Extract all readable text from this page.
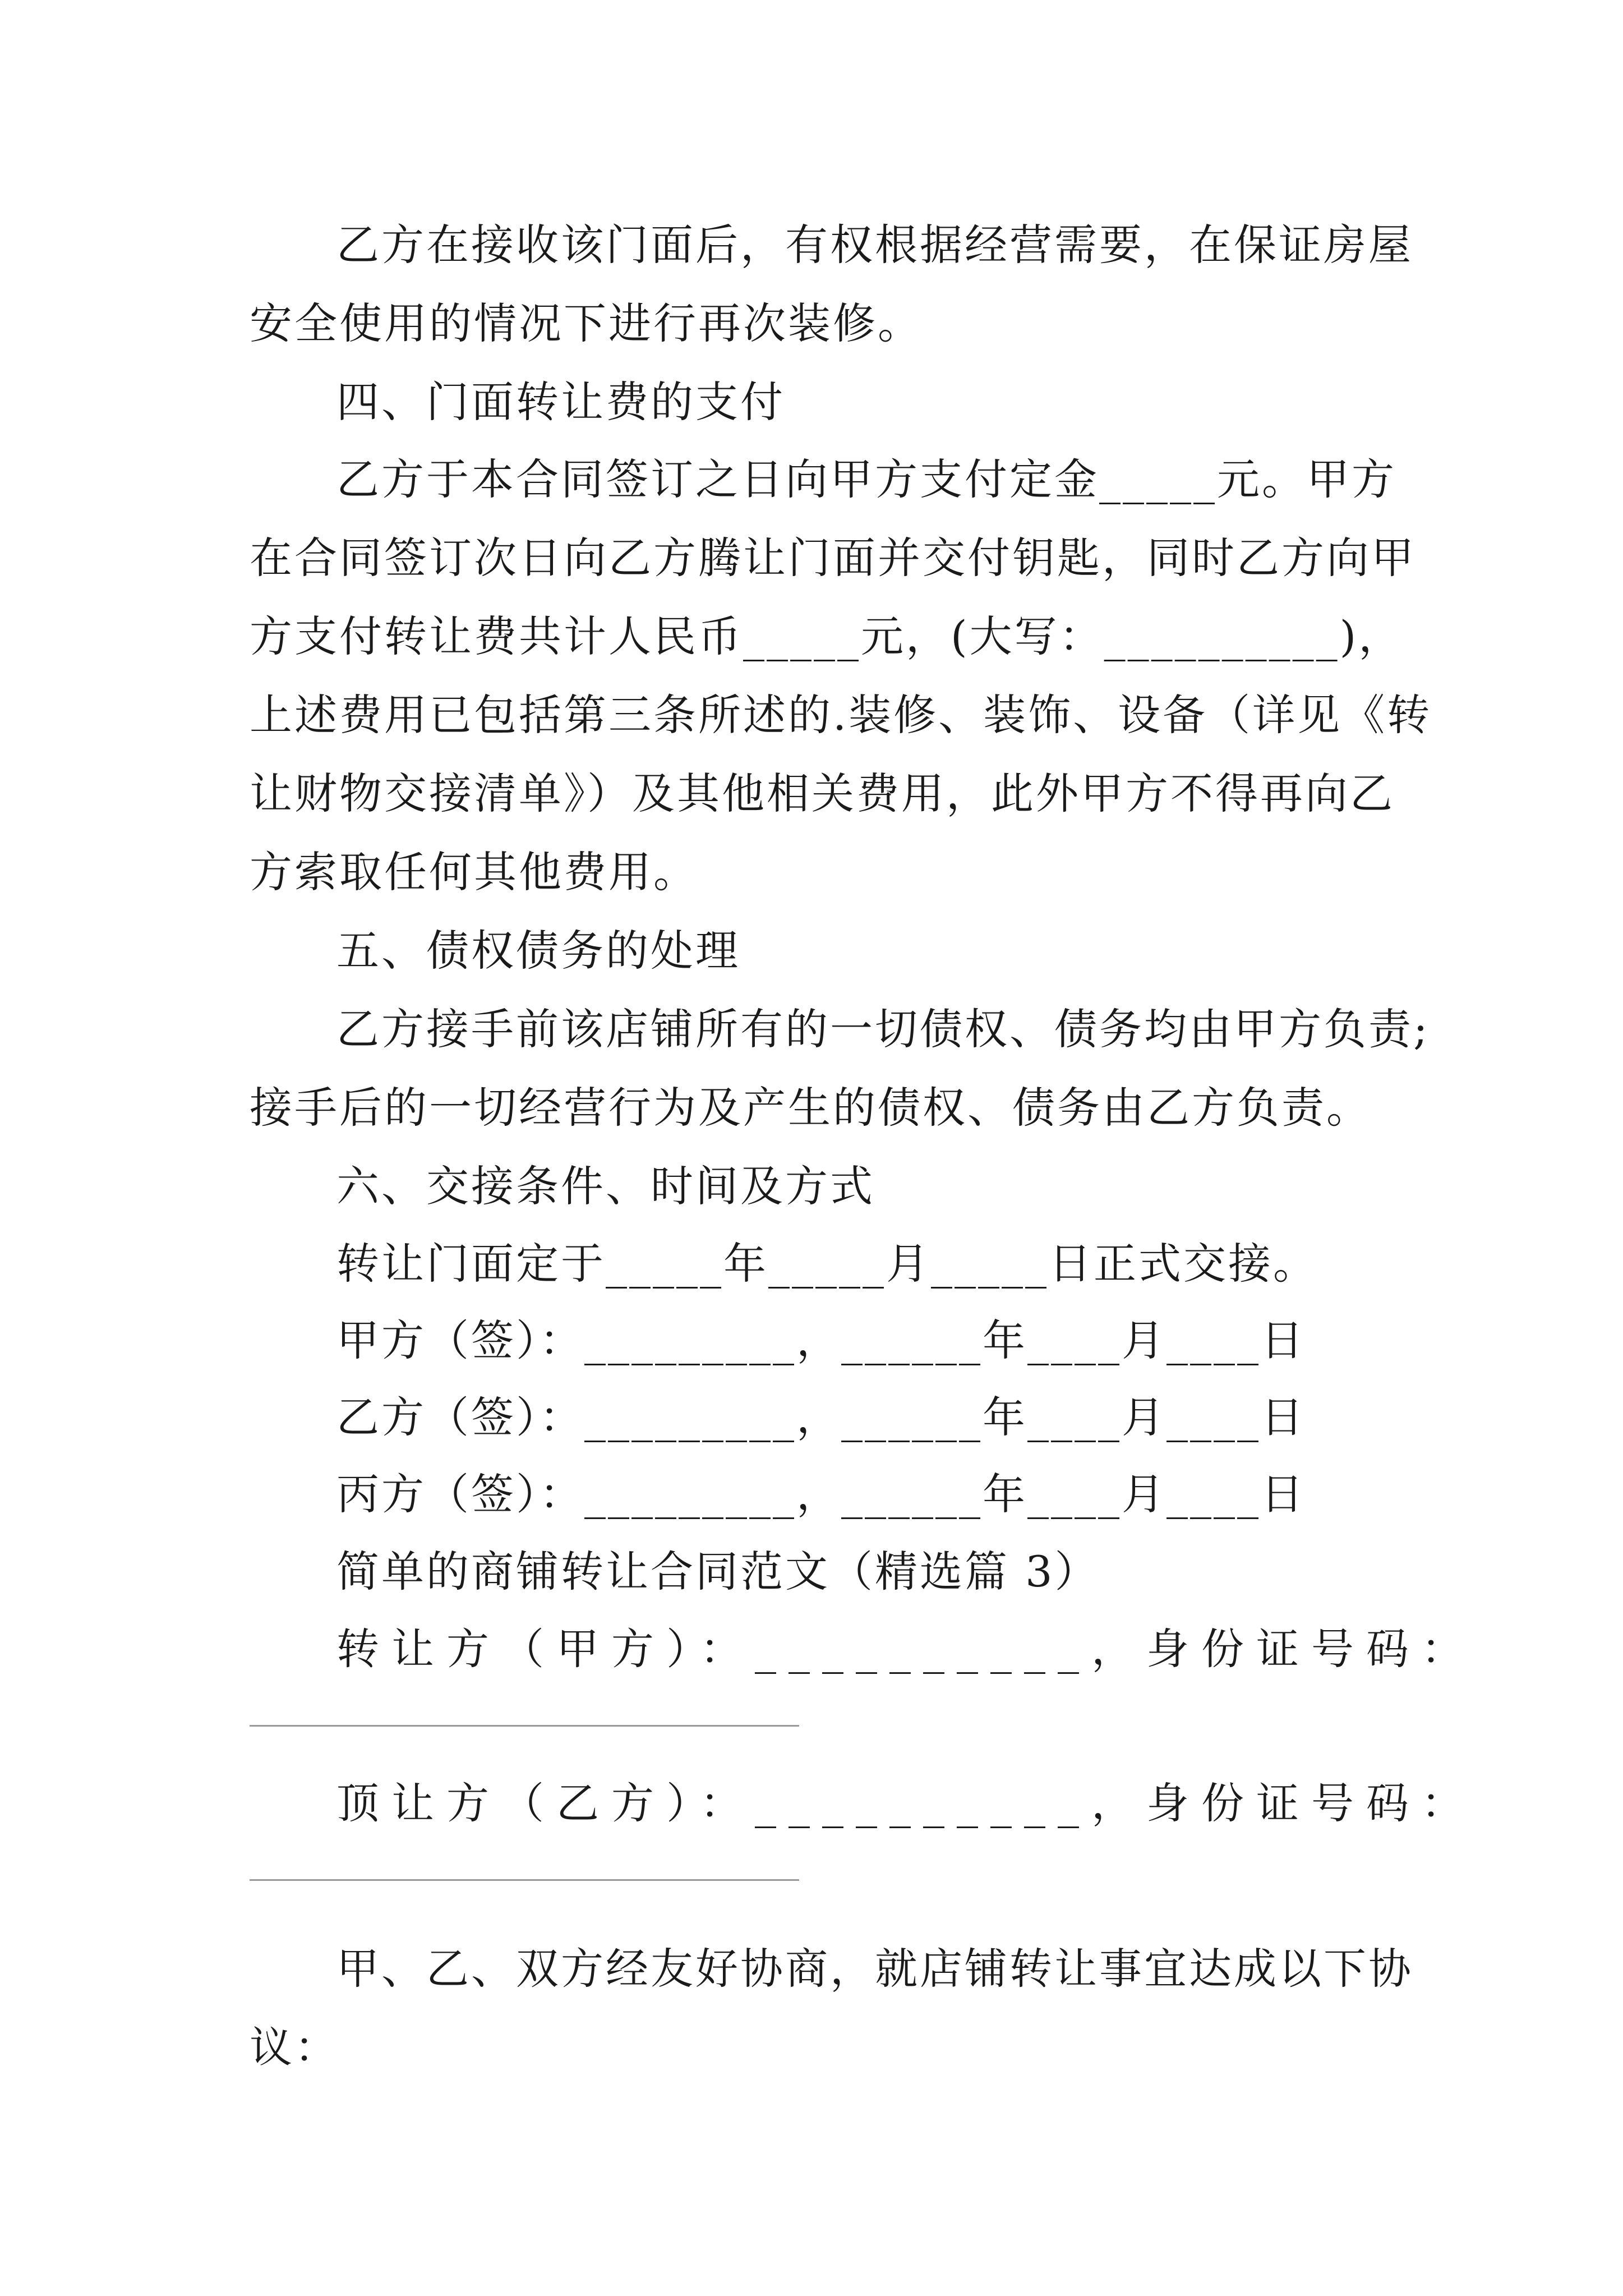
乙方在接收该门面后，有权根据经营需要，在保证房屋
安全使用的情况下进行再次装修。
四、门面转让费的支付
乙方于本合同签订之日向甲方支付定金_____元。甲方
在合同签订次日向乙方腾让门面并交付钥匙，同时乙方向甲
方支付转让费共计人民币_____元，(大写：__________)，
上述费用已包括第三条所述的.装修、装饰、设备（详见《转
让财物交接清单》）及其他相关费用，此外甲方不得再向乙
方索取任何其他费用。
五、债权债务的处理
乙方接手前该店铺所有的一切债权、债务均由甲方负责;
接手后的一切经营行为及产生的债权、债务由乙方负责。
六、交接条件、时间及方式
转让门面定于_____年_____月_____日正式交接。
甲方（签）：_________，______年____月____日
乙方（签）：_________，______年____月____日
丙方（签）：_________，______年____月____日
简单的商铺转让合同范文（精选篇 3）
转让方（甲方）：__________，身份证号码：
顶让方（乙方）：__________，身份证号码：
甲、乙、双方经友好协商，就店铺转让事宜达成以下协
议：
